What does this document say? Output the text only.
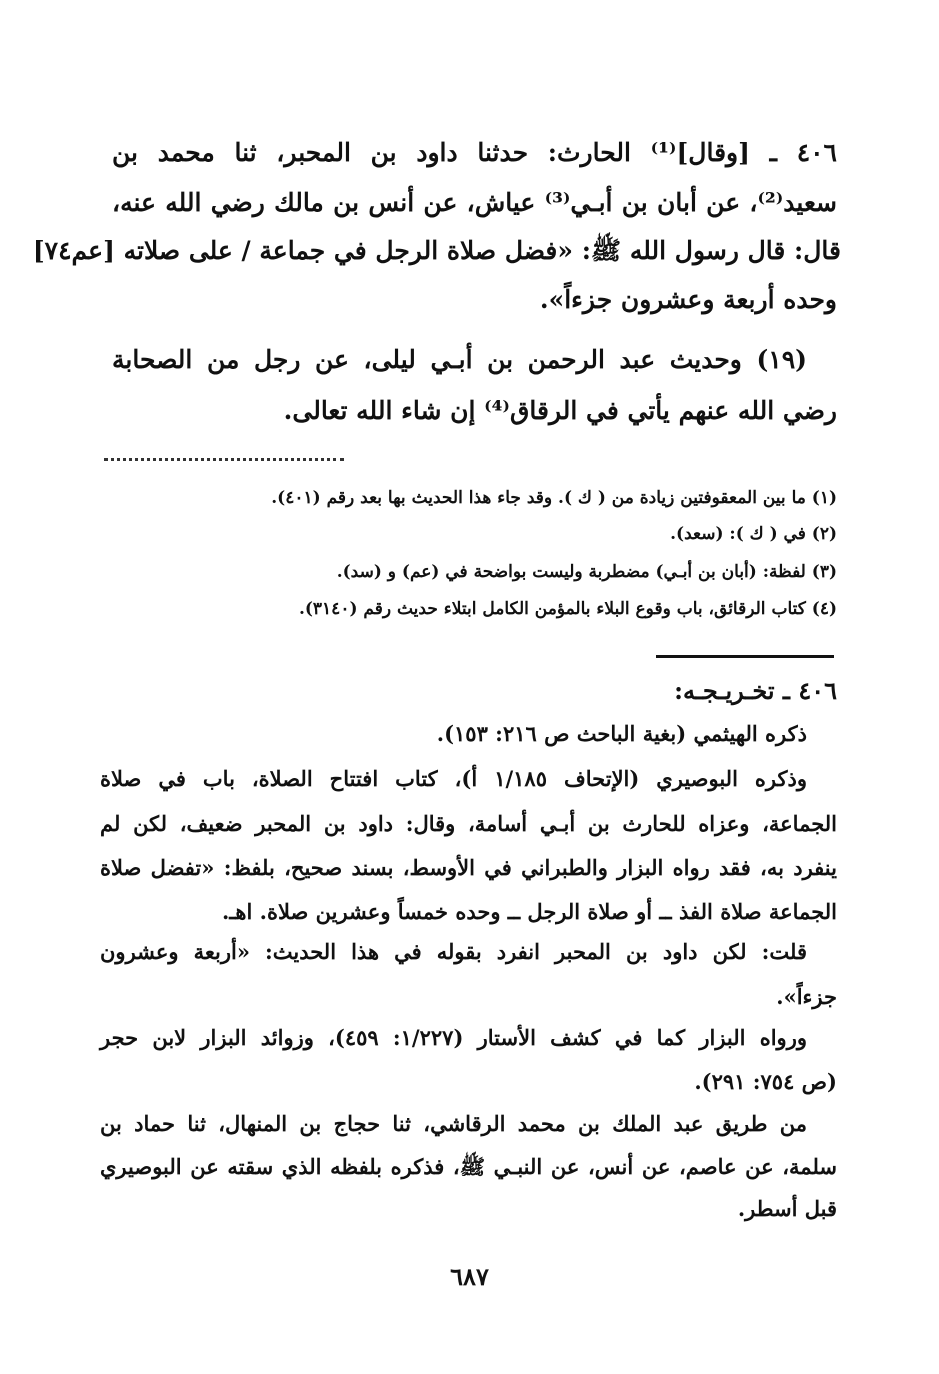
٤٠٦ ـ [وقال]⁽¹⁾ الحارث: حدثنا داود بن المحبر، ثنا محمد بن
سعيد⁽²⁾، عن أبان بن أبـي⁽³⁾ عياش، عن أنس بن مالك رضي الله عنه،
قال: قال رسول الله ﷺ: «فضل صلاة الرجل في جماعة / على صلاته [عم٧٤]
وحده أربعة وعشرون جزءاً».
(١٩) وحديث عبد الرحمن بن أبـي ليلى، عن رجل من الصحابة
رضي الله عنهم يأتي في الرقاق⁽⁴⁾ إن شاء الله تعالى.
(١) ما بين المعقوفتين زيادة من ( ك ). وقد جاء هذا الحديث بها بعد رقم (٤٠١).
(٢) في ( ك ): (سعد).
(٣) لفظة: (أبان بن أبـي) مضطربة وليست بواضحة في (عم) و (سد).
(٤) كتاب الرقائق، باب وقوع البلاء بالمؤمن الكامل ابتلاء حديث رقم (٣١٤٠).
٤٠٦ ـ تخـريـجـه:
ذكره الهيثمي (بغية الباحث ص ٢١٦: ١٥٣).
وذكره البوصيري (الإتحاف ١/١٨٥ أ)، كتاب افتتاح الصلاة، باب في صلاة
الجماعة، وعزاه للحارث بن أبـي أسامة، وقال: داود بن المحبر ضعيف، لكن لم
ينفرد به، فقد رواه البزار والطبراني في الأوسط، بسند صحيح، بلفظ: «تفضل صلاة
الجماعة صلاة الفذ ــ أو صلاة الرجل ــ وحده خمساً وعشرين صلاة. اهـ.
قلت: لكن داود بن المحبر انفرد بقوله في هذا الحديث: «أربعة وعشرون
جزءاً».
ورواه البزار كما في كشف الأستار (١/٢٢٧: ٤٥٩)، وزوائد البزار لابن حجر
(ص ٧٥٤: ٢٩١).
من طريق عبد الملك بن محمد الرقاشي، ثنا حجاج بن المنهال، ثنا حماد بن
سلمة، عن عاصم، عن أنس، عن النبـي ﷺ، فذكره بلفظه الذي سقته عن البوصيري
قبل أسطر.
٦٨٧
